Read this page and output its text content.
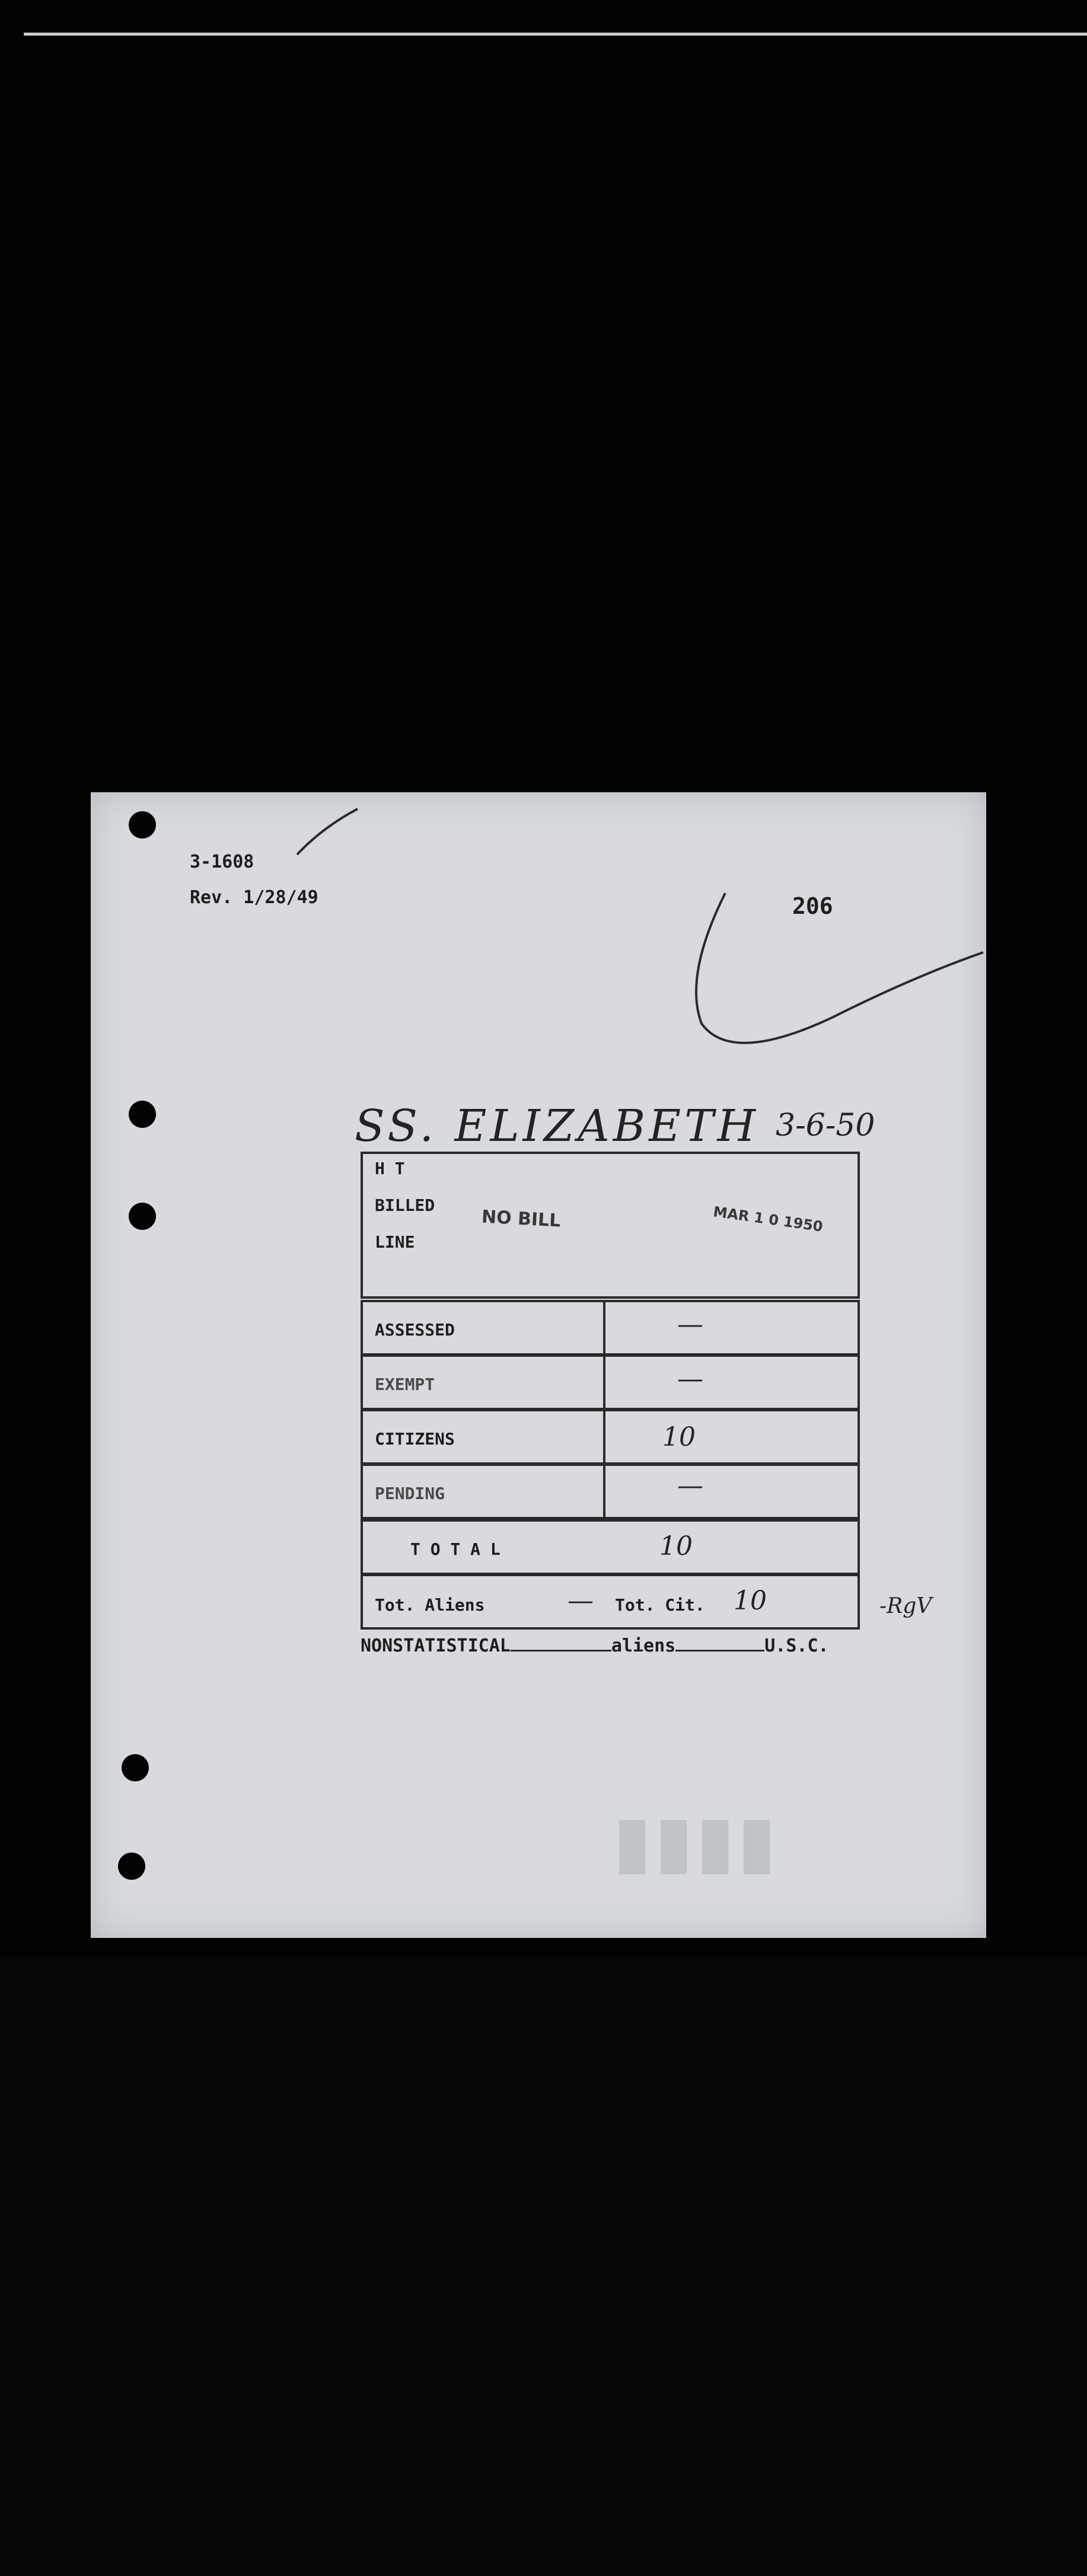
3-1608
Rev. 1/28/49	206
SS. ELIZABETH 3-6-50
H T
BILLED
LINE
NO BILL	MAR 1 0 1950
ASSESSED	—
EXEMPT	—
CITIZENS	10
PENDING	—
T O T A L	10
Tot. Aliens	— Tot. Cit. 10	-RgV
NONSTATISTICAL	aliens	U.S.C.
▮▮▮▮
